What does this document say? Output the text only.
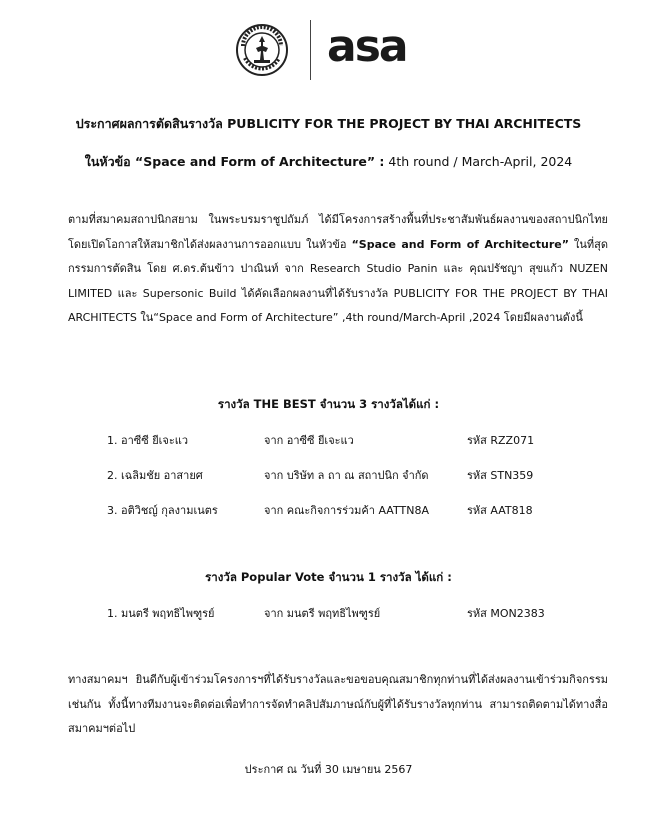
asa
ประกาศผลการตัดสินรางวัล PUBLICITY FOR THE PROJECT BY THAI ARCHITECTS
ในหัวข้อ “Space and Form of Architecture” : 4th round / March-April, 2024
ตามที่สมาคมสถาปนิกสยาม ในพระบรมราชูปถัมภ์ ได้มีโครงการสร้างพื้นที่ประชาสัมพันธ์ผลงานของสถาปนิกไทย โดยเปิดโอกาสให้สมาชิกได้ส่งผลงานการออกแบบ ในหัวข้อ “Space and Form of Architecture” ในที่สุด กรรมการตัดสิน โดย ศ.ดร.ต้นข้าว ปาณินท์ จาก Research Studio Panin และ คุณปรัชญา สุขแก้ว NUZEN LIMITED และ Supersonic Build ได้คัดเลือกผลงานที่ได้รับรางวัล PUBLICITY FOR THE PROJECT BY THAI ARCHITECTS ใน“Space and Form of Architecture” ,4th round/March-April ,2024 โดยมีผลงานดังนี้
รางวัล THE BEST จำนวน 3 รางวัลได้แก่ :
1. อาซีซี ยีเจะแว	จาก อาซีซี ยีเจะแว	รหัส RZZ071
2. เฉลิมชัย อาสายศ	จาก บริษัท ล ถา ณ สถาปนิก จำกัด	รหัส STN359
3. อติวิชญ์ กุลงามเนตร	จาก คณะกิจการร่วมค้า AATTN8A	รหัส AAT818
รางวัล Popular Vote จำนวน 1 รางวัล ได้แก่ :
1. มนตรี พฤทธิไพฑูรย์	จาก มนตรี พฤทธิไพฑูรย์	รหัส MON2383
ทางสมาคมฯ ยินดีกับผู้เข้าร่วมโครงการฯที่ได้รับรางวัลและขอขอบคุณสมาชิกทุกท่านที่ได้ส่งผลงานเข้าร่วมกิจกรรมเช่นกัน ทั้งนี้ทางทีมงานจะติดต่อเพื่อทำการจัดทำคลิปสัมภาษณ์กับผู้ที่ได้รับรางวัลทุกท่าน สามารถติดตามได้ทางสื่อสมาคมฯต่อไป
ประกาศ ณ วันที่ 30 เมษายน 2567
